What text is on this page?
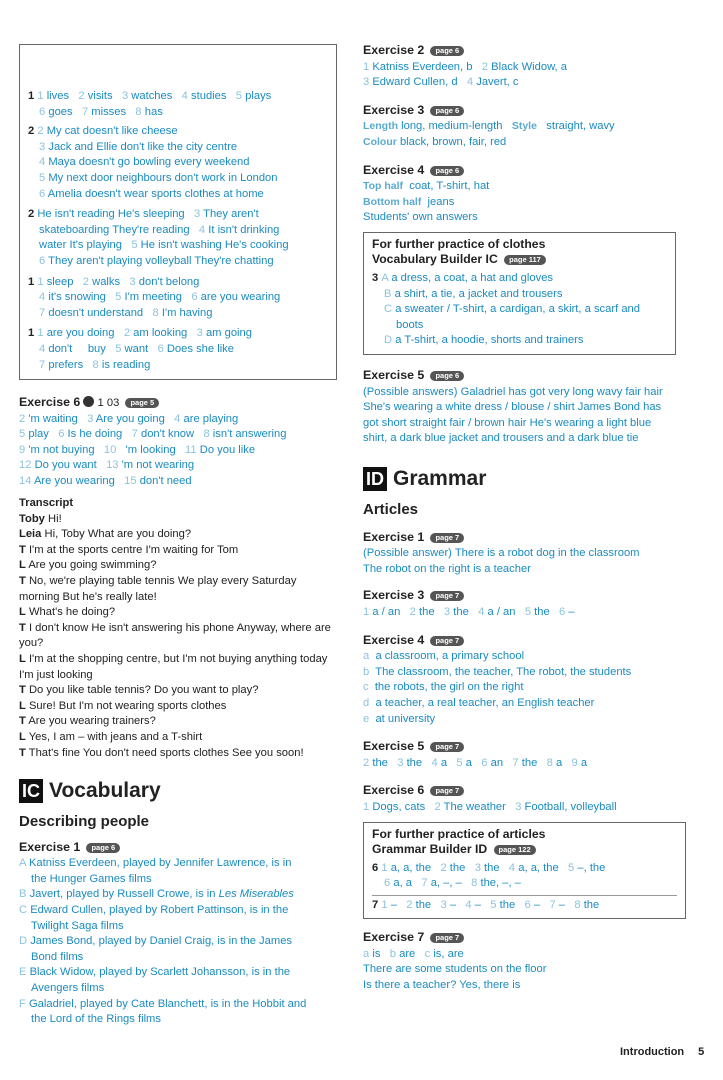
1 1 lives 2 visits 3 watches 4 studies 5 plays
6 goes 7 misses 8 has
2 2 My cat doesn't like cheese
3 Jack and Ellie don't like the city centre
4 Maya doesn't go bowling every weekend
5 My next door neighbours don't work in London
6 Amelia doesn't wear sports clothes at home
2 He isn't reading He's sleeping 3 They aren't
skateboarding They're reading 4 It isn't drinking
water It's playing 5 He isn't washing He's cooking
6 They aren't playing volleyball They're chatting
1 1 sleep 2 walks 3 don't belong
4 it's snowing 5 I'm meeting 6 are you wearing
7 doesn't understand 8 I'm having
1 1 are you doing 2 am looking 3 am going
4 don't buy 5 want 6 Does she like
7 prefers 8 is reading
Exercise 6 1 03 page 5
2 'm waiting 3 Are you going 4 are playing
5 play 6 Is he doing 7 don't know 8 isn't answering
9 'm not buying 10 'm looking 11 Do you like
12 Do you want 13 'm not wearing
14 Are you wearing 15 don't need
Transcript
Toby Hi!
Leia Hi, Toby What are you doing?
T I'm at the sports centre I'm waiting for Tom
L Are you going swimming?
T No, we're playing table tennis We play every Saturday morning But he's really late!
L What's he doing?
T I don't know He isn't answering his phone Anyway, where are you?
L I'm at the shopping centre, but I'm not buying anything today I'm just looking
T Do you like table tennis? Do you want to play?
L Sure! But I'm not wearing sports clothes
T Are you wearing trainers?
L Yes, I am – with jeans and a T-shirt
T That's fine You don't need sports clothes See you soon!
IC Vocabulary
Describing people
Exercise 1 page 6
A Katniss Everdeen, played by Jennifer Lawrence, is in
the Hunger Games films
B Javert, played by Russell Crowe, is in Les Miserables
C Edward Cullen, played by Robert Pattinson, is in the
Twilight Saga films
D James Bond, played by Daniel Craig, is in the James
Bond films
E Black Widow, played by Scarlett Johansson, is in the
Avengers films
F Galadriel, played by Cate Blanchett, is in the Hobbit and
the Lord of the Rings films
Exercise 2 page 6
1 Katniss Everdeen, b 2 Black Widow, a
3 Edward Cullen, d 4 Javert, c
Exercise 3 page 6
Length long, medium-length Style straight, wavy
Colour black, brown, fair, red
Exercise 4 page 6
Top half coat, T-shirt, hat
Bottom half jeans
Students' own answers
For further practice of clothes
Vocabulary Builder IC page 117
3 A a dress, a coat, a hat and gloves
B a shirt, a tie, a jacket and trousers
C a sweater / T-shirt, a cardigan, a skirt, a scarf and
boots
D a T-shirt, a hoodie, shorts and trainers
Exercise 5 page 6
(Possible answers) Galadriel has got very long wavy fair hair
She's wearing a white dress / blouse / shirt James Bond has
got short straight fair / brown hair He's wearing a light blue
shirt, a dark blue jacket and trousers and a dark blue tie
ID Grammar
Articles
Exercise 1 page 7
(Possible answer) There is a robot dog in the classroom
The robot on the right is a teacher
Exercise 3 page 7
1 a / an 2 the 3 the 4 a / an 5 the 6 –
Exercise 4 page 7
a a classroom, a primary school
b The classroom, the teacher, The robot, the students
c the robots, the girl on the right
d a teacher, a real teacher, an English teacher
e at university
Exercise 5 page 7
2 the 3 the 4 a 5 a 6 an 7 the 8 a 9 a
Exercise 6 page 7
1 Dogs, cats 2 The weather 3 Football, volleyball
For further practice of articles
Grammar Builder ID page 122
6 1 a, a, the 2 the 3 the 4 a, a, the 5 –, the
6 a, a 7 a, –, – 8 the, –, –
7 1 – 2 the 3 – 4 – 5 the 6 – 7 – 8 the
Exercise 7 page 7
a is b are c is, are
There are some students on the floor
Is there a teacher? Yes, there is
Introduction 5
